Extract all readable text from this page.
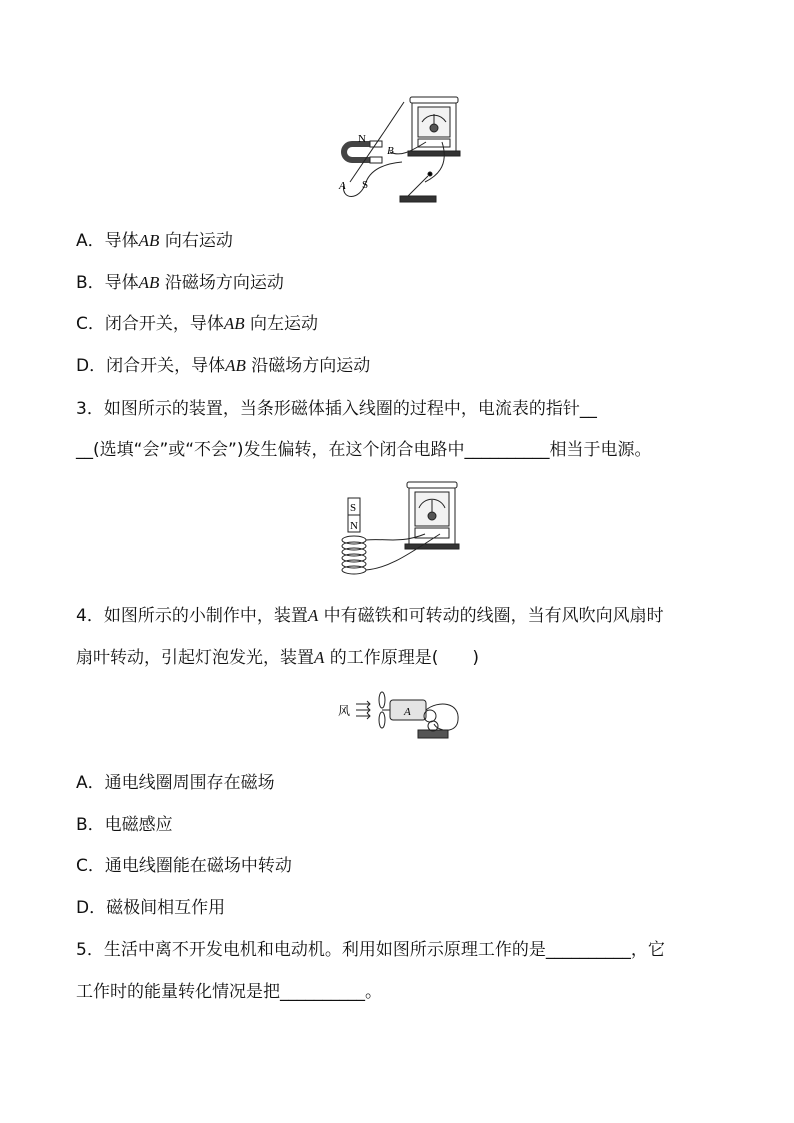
N
S
A
B
A．导体AB 向右运动
B．导体AB 沿磁场方向运动
C．闭合开关，导体AB 向左运动
D．闭合开关，导体AB 沿磁场方向运动
3．如图所示的装置，当条形磁体插入线圈的过程中，电流表的指针__
__(选填“会”或“不会”)发生偏转，在这个闭合电路中__________相当于电源。
S
N
4．如图所示的小制作中，装置A 中有磁铁和可转动的线圈，当有风吹向风扇时
扇叶转动，引起灯泡发光，装置A 的工作原理是(　　)
风	A
A．通电线圈周围存在磁场
B．电磁感应
C．通电线圈能在磁场中转动
D．磁极间相互作用
5．生活中离不开发电机和电动机。利用如图所示原理工作的是__________，它
工作时的能量转化情况是把__________。
